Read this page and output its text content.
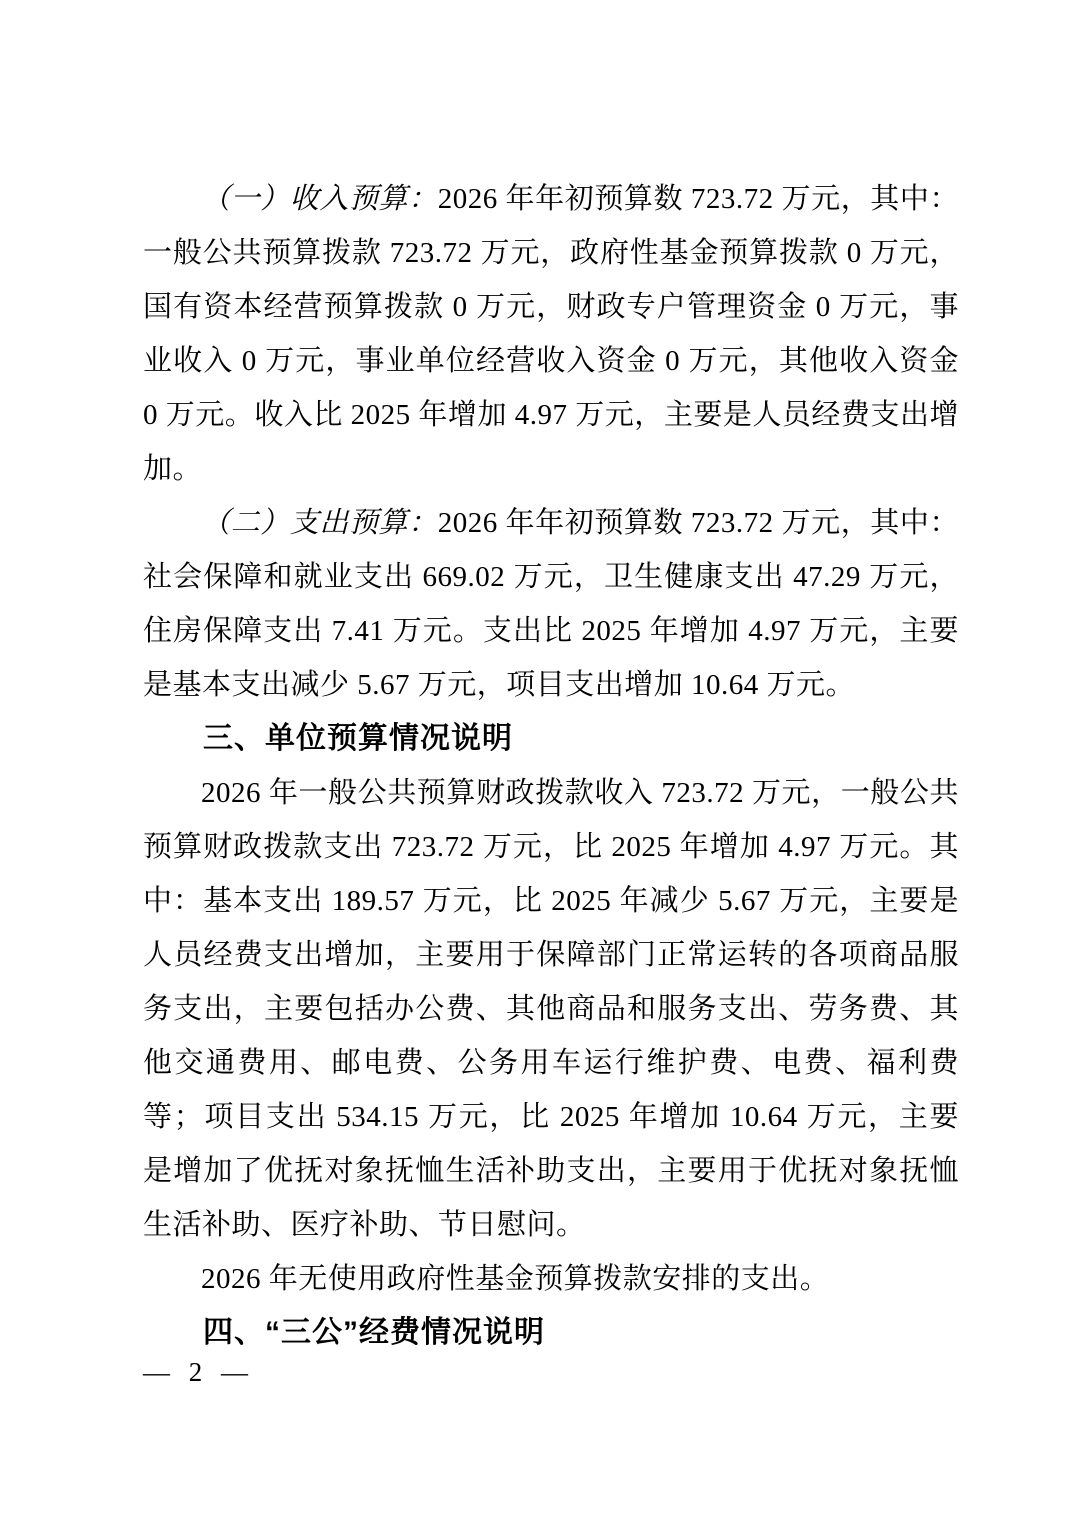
（一）收入预算：2026 年年初预算数 723.72 万元，其中：一般公共预算拨款 723.72 万元，政府性基金预算拨款 0 万元，国有资本经营预算拨款 0 万元，财政专户管理资金 0 万元，事业收入 0 万元，事业单位经营收入资金 0 万元，其他收入资金 0 万元。收入比 2025 年增加 4.97 万元，主要是人员经费支出增加。

（二）支出预算：2026 年年初预算数 723.72 万元，其中：社会保障和就业支出 669.02 万元，卫生健康支出 47.29 万元，住房保障支出 7.41 万元。支出比 2025 年增加 4.97 万元，主要是基本支出减少 5.67 万元，项目支出增加 10.64 万元。

三、单位预算情况说明

2026 年一般公共预算财政拨款收入 723.72 万元，一般公共预算财政拨款支出 723.72 万元，比 2025 年增加 4.97 万元。其中：基本支出 189.57 万元，比 2025 年减少 5.67 万元，主要是人员经费支出增加，主要用于保障部门正常运转的各项商品服务支出，主要包括办公费、其他商品和服务支出、劳务费、其他交通费用、邮电费、公务用车运行维护费、电费、福利费等；项目支出 534.15 万元，比 2025 年增加 10.64 万元，主要是增加了优抚对象抚恤生活补助支出，主要用于优抚对象抚恤生活补助、医疗补助、节日慰问。

2026 年无使用政府性基金预算拨款安排的支出。

四、“三公”经费情况说明
— 2 —
